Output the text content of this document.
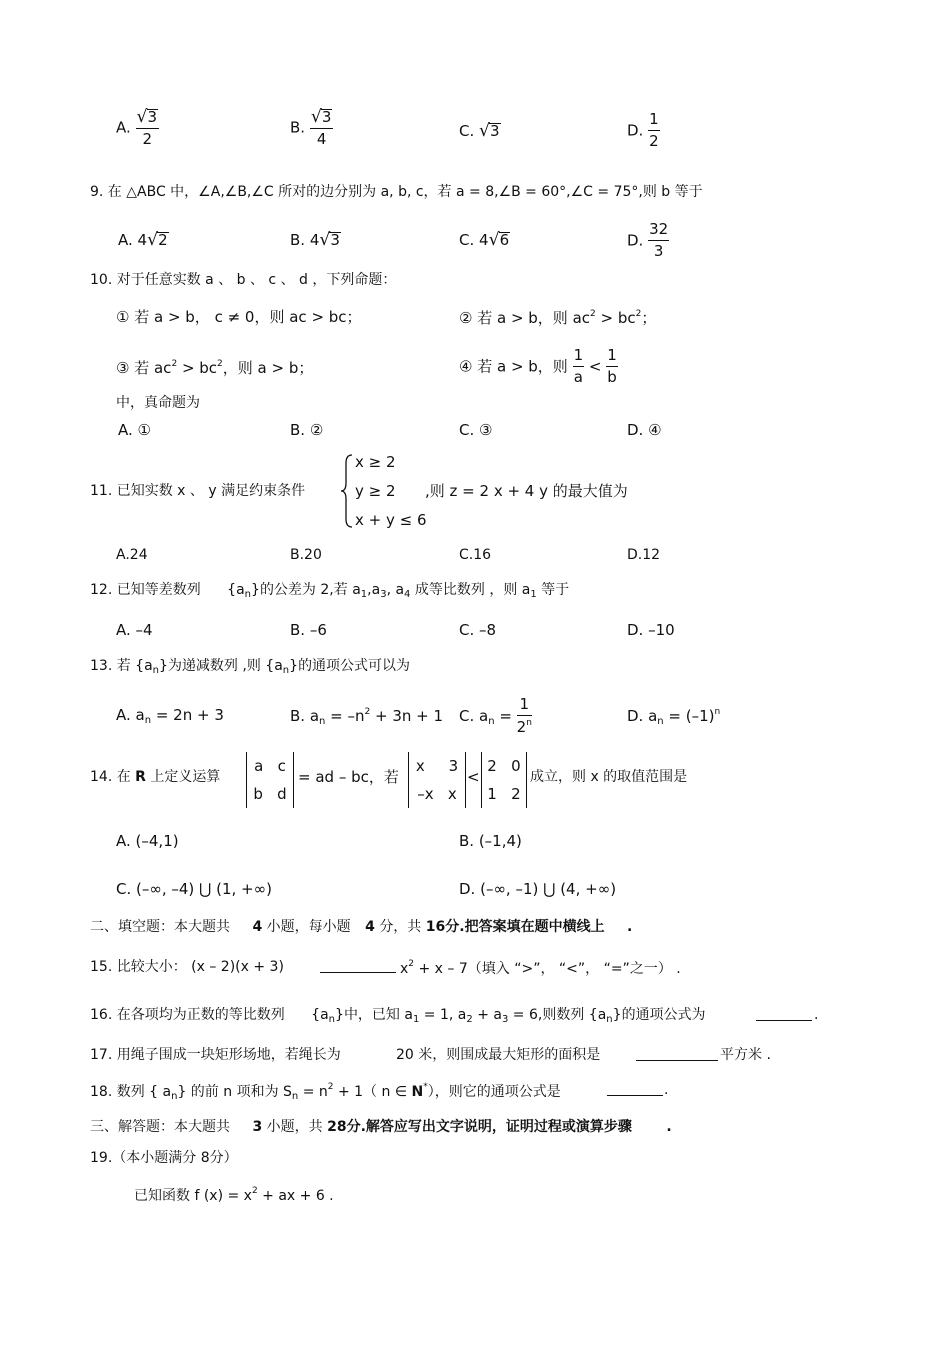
A. $\frac{√3}{2}$	B. $\frac{√3}{4}$	C. √3	D. $\frac{1}{2}$
9. 在 △ABC 中，∠A,∠B,∠C 所对的边分别为 a, b, c，若 a = 8,∠B = 60°,∠C = 75°,则 b 等于
A. 4√2	B. 4√3	C. 4√6	D. $\frac{32}{3}$
10. 对于任意实数 a 、 b 、 c 、 d ，下列命题：
① 若 a > b， c ≠ 0，则 ac > bc；	② 若 a > b，则 $ac^2 > bc^2$；
③ 若 $ac^2 > bc^2$，则 a > b；	④ 若 a > b，则 $\frac{1}{a} < \frac{1}{b}$
中，真命题为
A. ①	B. ②	C. ③	D. ④
11. 已知实数 x 、 y 满足约束条件
x ≥ 2
y ≥ 2
x + y ≤ 6
,则 z = 2 x + 4 y 的最大值为
A.24	B.20	C.16	D.12
12. 已知等差数列 $\{a_n\}$的公差为 2,若 $a_1,a_3$, $a_4$ 成等比数列 ，则 $a_1$ 等于
A. –4	B. –6	C. –8	D. –10
13. 若 $\{a_n\}$为递减数列 ,则 $\{a_n\}$的通项公式可以为
A. $a_n = 2n + 3$	B. $a_n = -n^2 + 3n + 1$ C. $a_n = \frac{1}{2^n}$	D. $a_n = (-1)^n$
14. 在 R 上定义运算
a c
b d
= ad – bc，若
x 3
–x x
<
2 0
1 2
成立，则 x 的取值范围是
A. (–4,1)	B. (–1,4)
C. (–∞, –4) ⋃ (1, +∞)	D. (–∞, –1) ⋃ (4, +∞)
二、填空题：本大题共 4 小题，每小题 4 分，共 16分.把答案填在题中横线上 .
15. 比较大小： (x – 2)(x + 3)	$x^2 + x - 7$（填入 “>”， “<”， “=”之一） .
16. 在各项均为正数的等比数列 $\{a_n\}$中，已知 $a_1 = 1$, $a_2 + a_3 = 6$,则数列 $\{a_n\}$的通项公式为	.
17. 用绳子围成一块矩形场地，若绳长为	20 米，则围成最大矩形的面积是	平方米 .
18. 数列 { $a_n$} 的前 n 项和为 $S_n = n^2 + 1$（ n ∈ N*），则它的通项公式是	.
三、解答题：本大题共 3 小题，共 28分.解答应写出文字说明，证明过程或演算步骤 .
19.（本小题满分 8分）
已知函数 f $(x) = x^2$ + ax + 6 .
